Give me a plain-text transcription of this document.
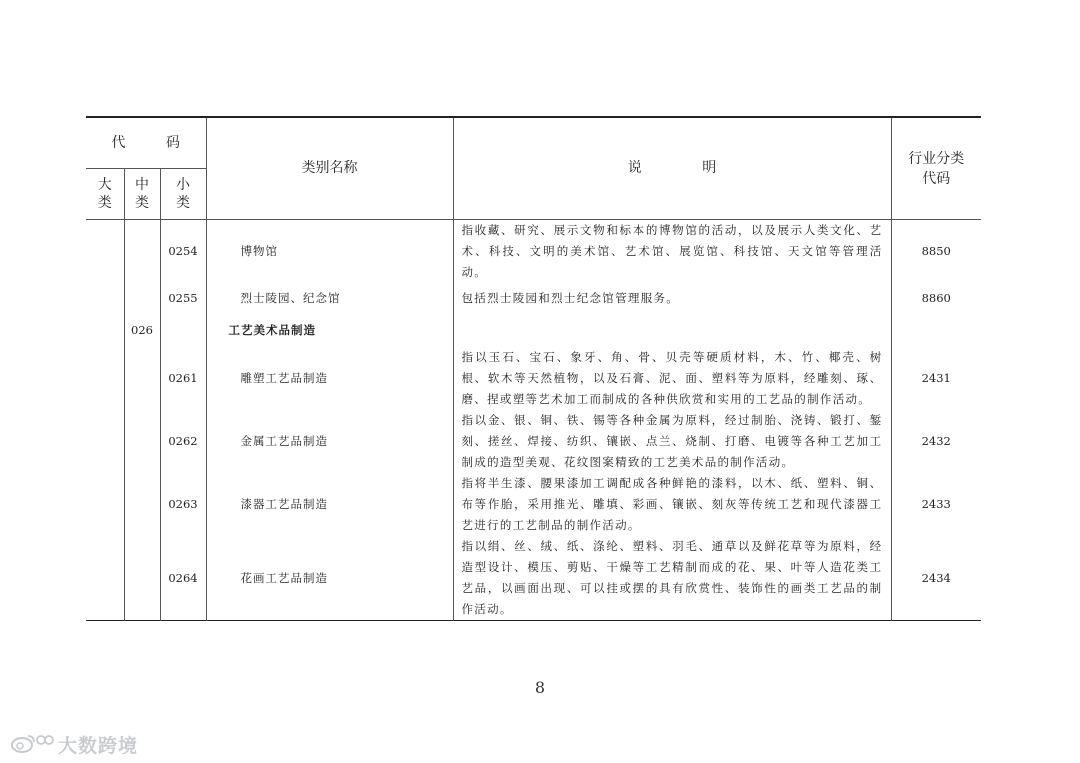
代 码			类别名称	说 明	行业分类代码
大类	中类	小类			
		0254	博物馆	指收藏、研究、展示文物和标本的博物馆的活动，以及展示人类文化、艺术、科技、文明的美术馆、艺术馆、展览馆、科技馆、天文馆等管理活动。	8850
		0255	烈士陵园、纪念馆	包括烈士陵园和烈士纪念馆管理服务。	8860
	026		工艺美术品制造		
		0261	雕塑工艺品制造	指以玉石、宝石、象牙、角、骨、贝壳等硬质材料，木、竹、椰壳、树根、软木等天然植物，以及石膏、泥、面、塑料等为原料，经雕刻、琢、磨、捏或塑等艺术加工而制成的各种供欣赏和实用的工艺品的制作活动。	2431
		0262	金属工艺品制造	指以金、银、铜、铁、锡等各种金属为原料，经过制胎、浇铸、锻打、錾刻、搓丝、焊接、纺织、镶嵌、点兰、烧制、打磨、电镀等各种工艺加工制成的造型美观、花纹图案精致的工艺美术品的制作活动。	2432
		0263	漆器工艺品制造	指将半生漆、腰果漆加工调配成各种鲜艳的漆料，以木、纸、塑料、铜、布等作胎，采用推光、雕填、彩画、镶嵌、刻灰等传统工艺和现代漆器工艺进行的工艺制品的制作活动。	2433
		0264	花画工艺品制造	指以绢、丝、绒、纸、涤纶、塑料、羽毛、通草以及鲜花草等为原料，经造型设计、模压、剪贴、干燥等工艺精制而成的花、果、叶等人造花类工艺品，以画面出现、可以挂或摆的具有欣赏性、装饰性的画类工艺品的制作活动。	2434
8
大数跨境
